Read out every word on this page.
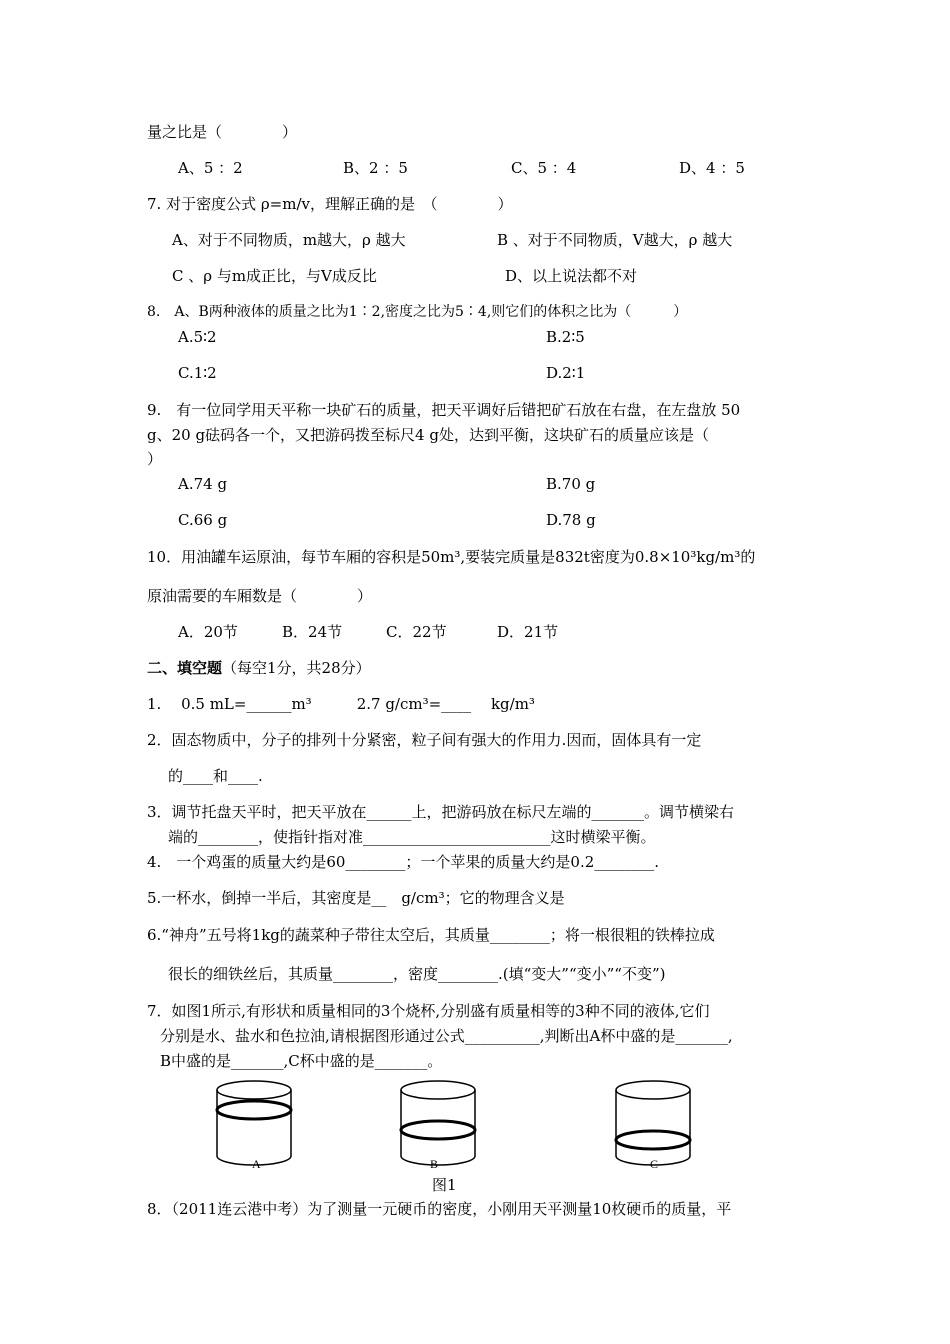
量之比是（　　　　）
A、5 ：2	B、2 ：5	C、5 ：4	D、4 ：5
7. 对于密度公式 ρ=m/v，理解正确的是　（　　　　）
A、对于不同物质，m越大，ρ 越大	B 、对于不同物质，V越大，ρ 越大
C 、ρ 与m成正比，与V成反比	D、以上说法都不对
8.　A、B两种液体的质量之比为1∶2,密度之比为5∶4,则它们的体积之比为（　　　）
A.5∶2	B.2∶5
C.1∶2	D.2∶1
9.　有一位同学用天平称一块矿石的质量，把天平调好后错把矿石放在右盘，在左盘放 50
g、20 g砝码各一个，又把游码拨至标尺4 g处，达到平衡，这块矿石的质量应该是（
）
A.74 g	B.70 g
C.66 g	D.78 g
10．用油罐车运原油，每节车厢的容积是50m³,要装完质量是832t密度为0.8×10³kg/m³的
原油需要的车厢数是（　　　　）
A．20节	B．24节	C．22节	D．21节
二、填空题（每空1分，共28分）
1.　 0.5 mL=______m³　　　2.7 g/cm³=____　 kg/m³
2．固态物质中，分子的排列十分紧密，粒子间有强大的作用力.因而，固体具有一定
的____和____.
3．调节托盘天平时，把天平放在______上，把游码放在标尺左端的_______。调节横梁右
端的________，使指针指对准_________________________这时横梁平衡。
4.　一个鸡蛋的质量大约是60________；一个苹果的质量大约是0.2________.
5.一杯水，倒掉一半后，其密度是__　g/cm³；它的物理含义是
6.“神舟”五号将1kg的蔬菜种子带往太空后，其质量________；将一根很粗的铁棒拉成
很长的细铁丝后，其质量________，密度________.(填“变大”“变小”“不变”)
7．如图1所示,有形状和质量相同的3个烧杯,分别盛有质量相等的3种不同的液体,它们
分别是水、盐水和色拉油,请根据图形通过公式__________,判断出A杯中盛的是_______,
B中盛的是_______,C杯中盛的是_______。
A	B	C
图1
8．（2011连云港中考）为了测量一元硬币的密度，小刚用天平测量10枚硬币的质量，平
